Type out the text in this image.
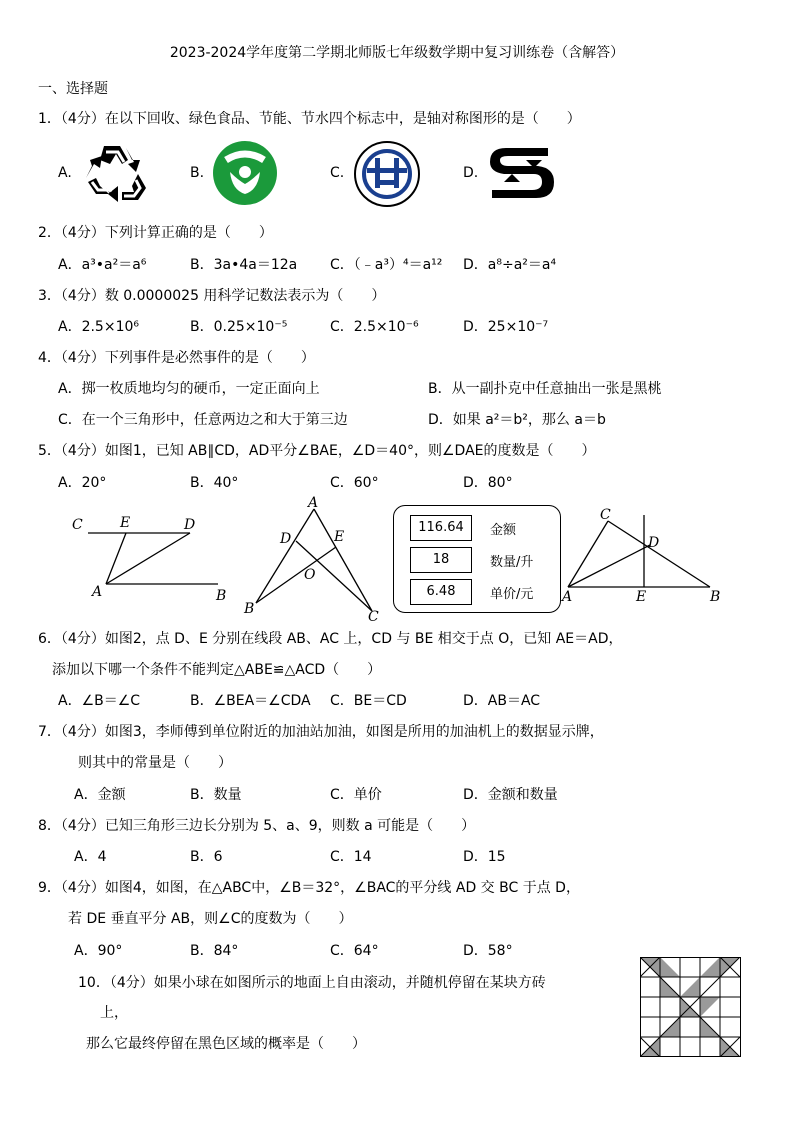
2023-2024学年度第二学期北师版七年级数学期中复习训练卷（含解答）
一、选择题
1．（4分）在以下回收、绿色食品、节能、节水四个标志中，是轴对称图形的是（　　）
A.	B.	C.	D.
2．（4分）下列计算正确的是（　　）
A．a³•a²＝a⁶	B．3a•4a＝12a C．（﹣a³）⁴＝a¹² D．a⁸÷a²＝a⁴
3．（4分）数 0.0000025 用科学记数法表示为（　　）
A．2.5×10⁶	B．0.25×10⁻⁵	C．2.5×10⁻⁶	D．25×10⁻⁷
4．（4分）下列事件是必然事件的是（　　）
A．掷一枚质地均匀的硬币，一定正面向上	B．从一副扑克中任意抽出一张是黑桃
C．在一个三角形中，任意两边之和大于第三边	D．如果 a²＝b²，那么 a＝b
5．（4分）如图1，已知 AB∥CD，AD平分∠BAE，∠D＝40°，则∠DAE的度数是（　　）
A．20°	B．40°	C．60°	D．80°
C	E	D
A	B
A
D	E
O
B	C
116.64	金额
18	数量/升
6.48	单价/元
C
D
A	E	B
6．（4分）如图2，点 D、E 分别在线段 AB、AC 上，CD 与 BE 相交于点 O，已知 AE＝AD，
添加以下哪一个条件不能判定△ABE≌△ACD（　　）
A．∠B＝∠C	B．∠BEA＝∠CDA C．BE＝CD	D．AB＝AC
7．（4分）如图3，李师傅到单位附近的加油站加油，如图是所用的加油机上的数据显示牌，
则其中的常量是（　　）
A．金额	B．数量	C．单价	D．金额和数量
8．（4分）已知三角形三边长分别为 5、a、9，则数 a 可能是（　　）
A．4	B．6	C．14	D．15
9．（4分）如图4，如图，在△ABC中，∠B＝32°，∠BAC的平分线 AD 交 BC 于点 D，
若 DE 垂直平分 AB，则∠C的度数为（　　）
A．90°	B．84°	C．64°	D．58°
10．（4分）如果小球在如图所示的地面上自由滚动，并随机停留在某块方砖
上，
那么它最终停留在黑色区域的概率是（　　）
